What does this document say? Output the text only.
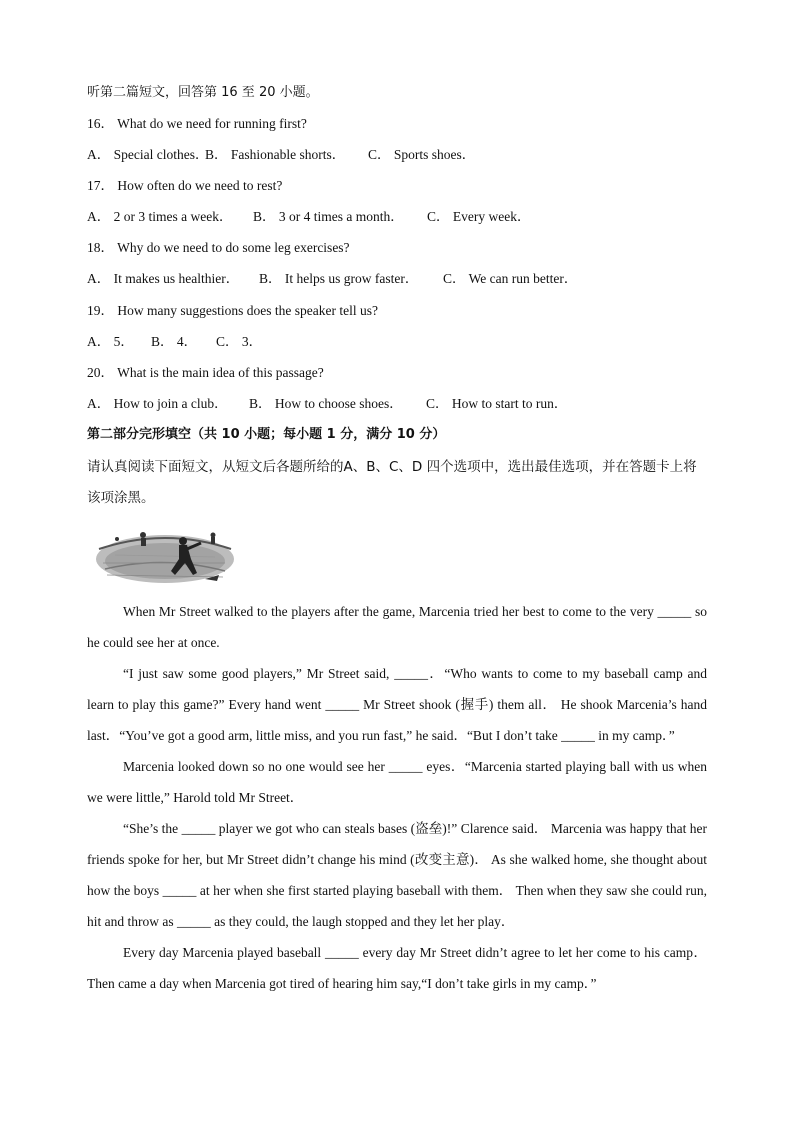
听第二篇短文，回答第 16 至 20 小题。
16． What do we need for running first?
A． Special clothes．B． Fashionable shorts． C． Sports shoes．
17． How often do we need to rest?
A． 2 or 3 times a week． B． 3 or 4 times a month． C． Every week．
18． Why do we need to do some leg exercises?
A． It makes us healthier． B． It helps us grow faster． C． We can run better．
19． How many suggestions does the speaker tell us?
A． 5． B． 4． C． 3．
20． What is the main idea of this passage?
A． How to join a club． B． How to choose shoes． C． How to start to run．
第二部分完形填空（共 10 小题；每小题 1 分，满分 10 分）
请认真阅读下面短文，从短文后各题所给的A、B、C、D 四个选项中，选出最佳选项，并在答题卡上将该项涂黑。

When Mr Street walked to the players after the game, Marcenia tried her best to come to the very _____ so he could see her at once.

“I just saw some good players,” Mr Street said, _____．“Who wants to come to my baseball camp and learn to play this game?” Every hand went _____ Mr Street shook (握手) them all． He shook Marcenia’s hand last．“You’ve got a good arm, little miss, and you run fast,” he said．“But I don’t take _____ in my camp．”

Marcenia looked down so no one would see her _____ eyes．“Marcenia started playing ball with us when we were little,” Harold told Mr Street．

“She’s the _____ player we got who can steals bases (盗垒)!” Clarence said． Marcenia was happy that her friends spoke for her, but Mr Street didn’t change his mind (改变主意)． As she walked home, she thought about how the boys _____ at her when she first started playing baseball with them． Then when they saw she could run, hit and throw as _____ as they could, the laugh stopped and they let her play．

Every day Marcenia played baseball _____ every day Mr Street didn’t agree to let her come to his camp． Then came a day when Marcenia got tired of hearing him say,“I don’t take girls in my camp．”
